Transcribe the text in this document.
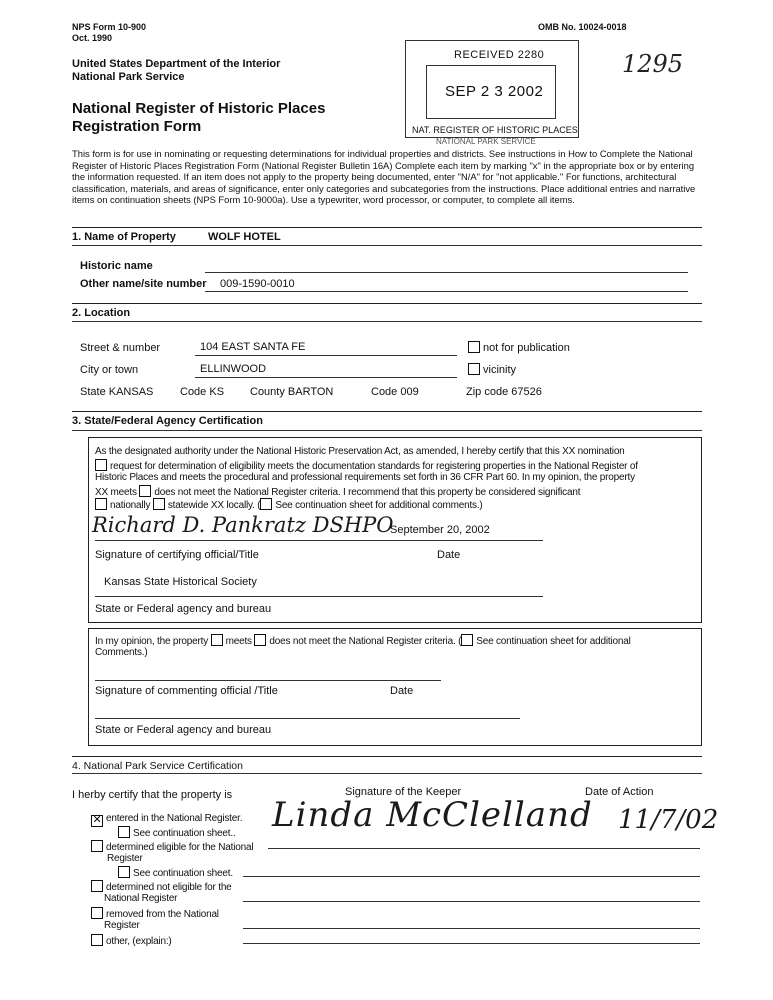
NPS Form 10-900
Oct. 1990
OMB No. 10024-0018
United States Department of the Interior
National Park Service
National Register of Historic Places
Registration Form
1295
RECEIVED 2280
SEP 2 3 2002
NAT. REGISTER OF HISTORIC PLACES
NATIONAL PARK SERVICE
This form is for use in nominating or requesting determinations for individual properties and districts. See instructions in How to Complete the National Register of Historic Places Registration Form (National Register Bulletin 16A) Complete each item by marking "x" in the appropriate box or by entering the information requested. If an item does not apply to the property being documented, enter "N/A" for "not applicable." For functions, architectural classification, materials, and areas of significance, enter only categories and subcategories from the instructions. Place additional entries and narrative items on continuation sheets (NPS Form 10-9000a). Use a typewriter, word processor, or computer, to complete all items.
1. Name of Property	WOLF HOTEL
Historic name
Other name/site number 009-1590-0010
2. Location
Street & number	104 EAST SANTA FE	not for publication
City or town	ELLINWOOD	vicinity
State KANSAS Code KS County BARTON	Code 009	Zip code 67526
3. State/Federal Agency Certification
As the designated authority under the National Historic Preservation Act, as amended, I hereby certify that this XX nomination
request for determination of eligibility meets the documentation standards for registering properties in the National Register of
Historic Places and meets the procedural and professional requirements set forth in 36 CFR Part 60. In my opinion, the property
XX meets does not meet the National Register criteria. I recommend that this property be considered significant
nationally statewide XX locally. ( See continuation sheet for additional comments.)
Richard D. Pankratz DSHPO
September 20, 2002
Signature of certifying official/Title	Date
Kansas State Historical Society
State or Federal agency and bureau
In my opinion, the property meets does not meet the National Register criteria. ( See continuation sheet for additional
Comments.)
Signature of commenting official /Title	Date
State or Federal agency and bureau
4. National Park Service Certification
I herby certify that the property is	Signature of the Keeper	Date of Action
Linda McClelland 11/7/02
✕ entered in the National Register.
See continuation sheet..
determined eligible for the National
Register
See continuation sheet.
determined not eligible for the
National Register
removed from the National
Register
other, (explain:)
